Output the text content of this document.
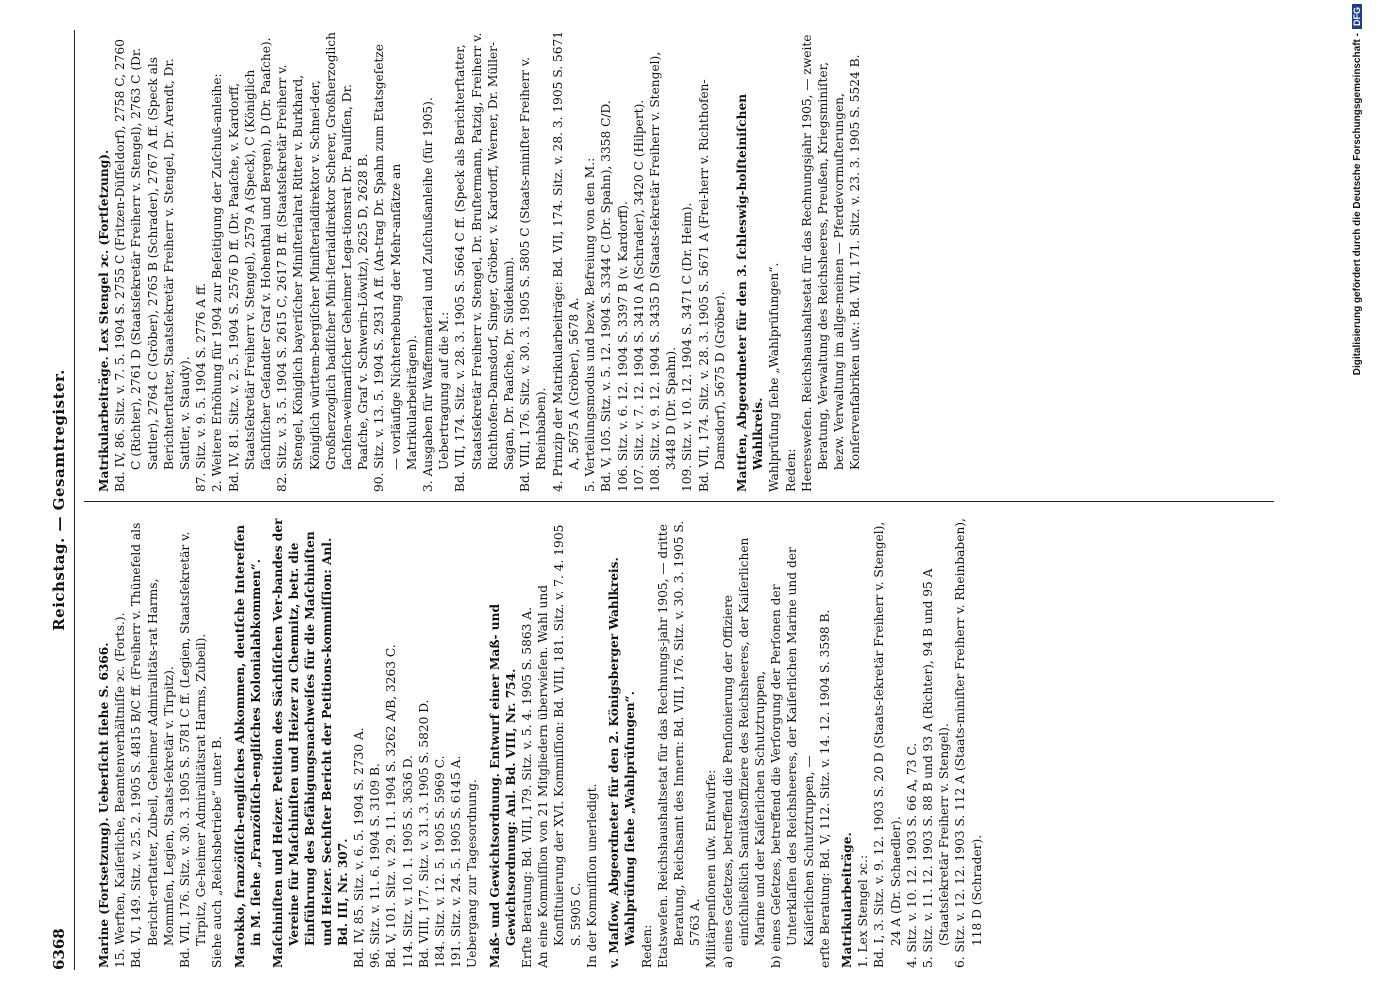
6368
Reichstag. — Gesamtregister.
Marine (Fortsetzung). Ueberſicht ſiehe S. 6366. 15. Werften, Kaiſerliche, Beamtenverhältniſſe ɂc. (Forts.). Bd. VI, 149. Sitz. v. 25. 2. 1905 S. 4815 B/C ff. (Freiherr v. Thünefeld als Bericht-erſtatter, Zubeil, Geheimer Admiralitäts-rat Harms, Mommſen, Legien, Staats-ſekretär v. Tirpitz). Bd. VII, 176. Sitz. v. 30. 3. 1905 S. 5781 C ff. (Legien, Staatsſekretär v. Tirpitz, Ge-heimer Admiralitätsrat Harms, Zubeil). Siehe auch „Reichsbetriebe“ unter B. Marokko, franzöſiſch-engliſches Abkommen, deutſche Intereſſen in M. ſiehe „Franzöſiſch-engliſches Kolonialabkommen“. Maſchiniſten und Heizer. Petition des Sächſiſchen Ver-bandes der Vereine für Maſchiniſten und Heizer zu Chemnitz, betr. die Einführung des Befähigungsnachweiſes für die Maſchiniſten und Heizer. Sechſter Bericht der Petitions-kommiſſion: Anl. Bd. III, Nr. 307. Bd. IV, 85. Sitz. v. 6. 5. 1904 S. 2730 A. 96. Sitz. v. 11. 6. 1904 S. 3109 B. Bd. V, 101. Sitz. v. 29. 11. 1904 S. 3262 A/B, 3263 C. 114. Sitz. v. 10. 1. 1905 S. 3636 D. Bd. VIII, 177. Sitz. v. 31. 3. 1905 S. 5820 D. 184. Sitz. v. 12. 5. 1905 S. 5969 C. 191. Sitz. v. 24. 5. 1905 S. 6145 A. Uebergang zur Tagesordnung. Maß- und Gewichtsordnung. Entwurf einer Maß- und Gewichtsordnung: Anl. Bd. VIII, Nr. 754. Erſte Beratung: Bd. VIII, 179. Sitz. v. 5. 4. 1905 S. 5863 A. An eine Kommiſſion von 21 Mitgliedern überwieſen. Wahl und Konſtituierung der XVI. Kommiſſion: Bd. VIII, 181. Sitz. v. 7. 4. 1905 S. 5905 C. In der Kommiſſion unerledigt. v. Maſſow, Abgeordneter für den 2. Königsberger Wahlkreis. Wahlprüfung ſiehe „Wahlprüfungen“.
Reden: Etatsweſen. Reichshaushaltsetat für das Rechnungs-jahr 1905, — dritte Beratung, Reichsamt des Innern: Bd. VIII, 176. Sitz. v. 30. 3. 1905 S. 5763 A. Militärpenſionen uſw. Entwürfe: a) eines Geſetzes, betreffend die Penſionierung der Offiziere einſchließlich Sanitätsoffiziere des Reichsheeres, der Kaiſerlichen Marine und der Kaiſerlichen Schutztruppen, b) eines Geſetzes, betreffend die Verſorgung der Perſonen der Unterklaſſen des Reichsheeres, der Kaiſerlichen Marine und der Kaiſerlichen Schutztruppen, — erſte Beratung: Bd. V, 112. Sitz. v. 14. 12. 1904 S. 3598 B. Matrikularbeiträge. 1. Lex Stengel ɂc.: Bd. I, 3. Sitz. v. 9. 12. 1903 S. 20 D (Staats-ſekretär Freiherr v. Stengel), 24 A (Dr. Schaedler). 4. Sitz. v. 10. 12. 1903 S. 66 A, 73 C. 5. Sitz. v. 11. 12. 1903 S. 88 B und 93 A (Richter), 94 B und 95 A (Staatsſekretär Freiherr v. Stengel). 6. Sitz. v. 12. 12. 1903 S. 112 A (Staats-miniſter Freiherr v. Rheinbaben), 118 D (Schrader).
Matrikularbeiträge. Lex Stengel ɂc. (Fortſetzung). Bd. IV, 86. Sitz. v. 7. 5. 1904 S. 2755 C (Fritzen-Düſſeldorf), 2758 C, 2760 C (Richter), 2761 D (Staatsſekretär Freiherr v. Stengel), 2763 C (Dr. Sattler), 2764 C (Gröber), 2765 B (Schrader), 2767 A ff. (Speck als Berichterſtatter, Staatsſekretär Freiherr v. Stengel, Dr. Arendt, Dr. Sattler, v. Staudy). 87. Sitz. v. 9. 5. 1904 S. 2776 A ff. 2. Weitere Erhöhung für 1904 zur Beſeitigung der Zuſchuß-anleihe: Bd. IV, 81. Sitz. v. 2. 5. 1904 S. 2576 D ff. (Dr. Paaſche, v. Kardorff, Staatsſekretär Freiherr v. Stengel), 2579 A (Speck), C (Königlich ſächſiſcher Geſandter Graf v. Hohenthal und Bergen), D (Dr. Paaſche). 82. Sitz. v. 3. 5. 1904 S. 2615 C, 2617 B ff. (Staatsſekretär Freiherr v. Stengel, Königlich bayeriſcher Miniſterialrat Ritter v. Burkhard, Königlich württem-bergiſcher Miniſterialdirektor v. Schnei-der, Großherzoglich badiſcher Mini-ſterialdirektor Scherer, Großherzoglich ſachſen-weimariſcher Geheimer Lega-tionsrat Dr. Paulſſen, Dr. Paaſche, Graf v. Schwerin-Löwitz), 2625 D, 2628 B. 90. Sitz. v. 13. 5. 1904 S. 2931 A ff. (An-trag Dr. Spahn zum Etatsgeſetze — vorläufige Nichterhebung der Mehr-anſätze an Matrikularbeiträgen). 3. Ausgaben für Waffenmaterial und Zuſchußanleihe (für 1905). Uebertragung auf die M.: Bd. VII, 174. Sitz. v. 28. 3. 1905 S. 5664 C ff. (Speck als Berichterſtatter, Staatsſekretär Freiherr v. Stengel, Dr. Bruſtermann, Patzig, Freiherr v. Richthofen-Damsdorf, Singer, Gröber, v. Kardorff, Werner, Dr. Müller-Sagan, Dr. Paaſche, Dr. Südekum). Bd. VIII, 176. Sitz. v. 30. 3. 1905 S. 5805 C (Staats-miniſter Freiherr v. Rheinbaben). 4. Prinzip der Matrikularbeiträge: Bd. VII, 174. Sitz. v. 28. 3. 1905 S. 5671 A, 5675 A (Gröber), 5678 A. 5. Verteilungsmodus und bezw. Befreiung von den M.: Bd. V, 105. Sitz. v. 5. 12. 1904 S. 3344 C (Dr. Spahn), 3358 C/D. 106. Sitz. v. 6. 12. 1904 S. 3397 B (v. Kardorff). 107. Sitz. v. 7. 12. 1904 S. 3410 A (Schrader), 3420 C (Hilpert). 108. Sitz. v. 9. 12. 1904 S. 3435 D (Staats-ſekretär Freiherr v. Stengel), 3448 D (Dr. Spahn). 109. Sitz. v. 10. 12. 1904 S. 3471 C (Dr. Heim). Bd. VII, 174. Sitz. v. 28. 3. 1905 S. 5671 A (Frei-herr v. Richthofen-Damsdorf), 5675 D (Gröber). Mattſen, Abgeordneter für den 3. ſchleswig-holſteiniſchen Wahlkreis. Wahlprüfung ſiehe „Wahlprüfungen“. Reden: Heeresweſen. Reichshaushaltsetat für das Rechnungsjahr 1905, — zweite Beratung, Verwaltung des Reichsheeres, Preußen, Kriegsminiſter, bezw. Verwaltung im allge-meinen — Pferdevormuſterungen, Konſervenfabriken uſw.: Bd. VII, 171. Sitz. v. 23. 3. 1905 S. 5524 B.	Digitalisierung gefördert durch die Deutsche Forschungsgemeinschaft -DFG
